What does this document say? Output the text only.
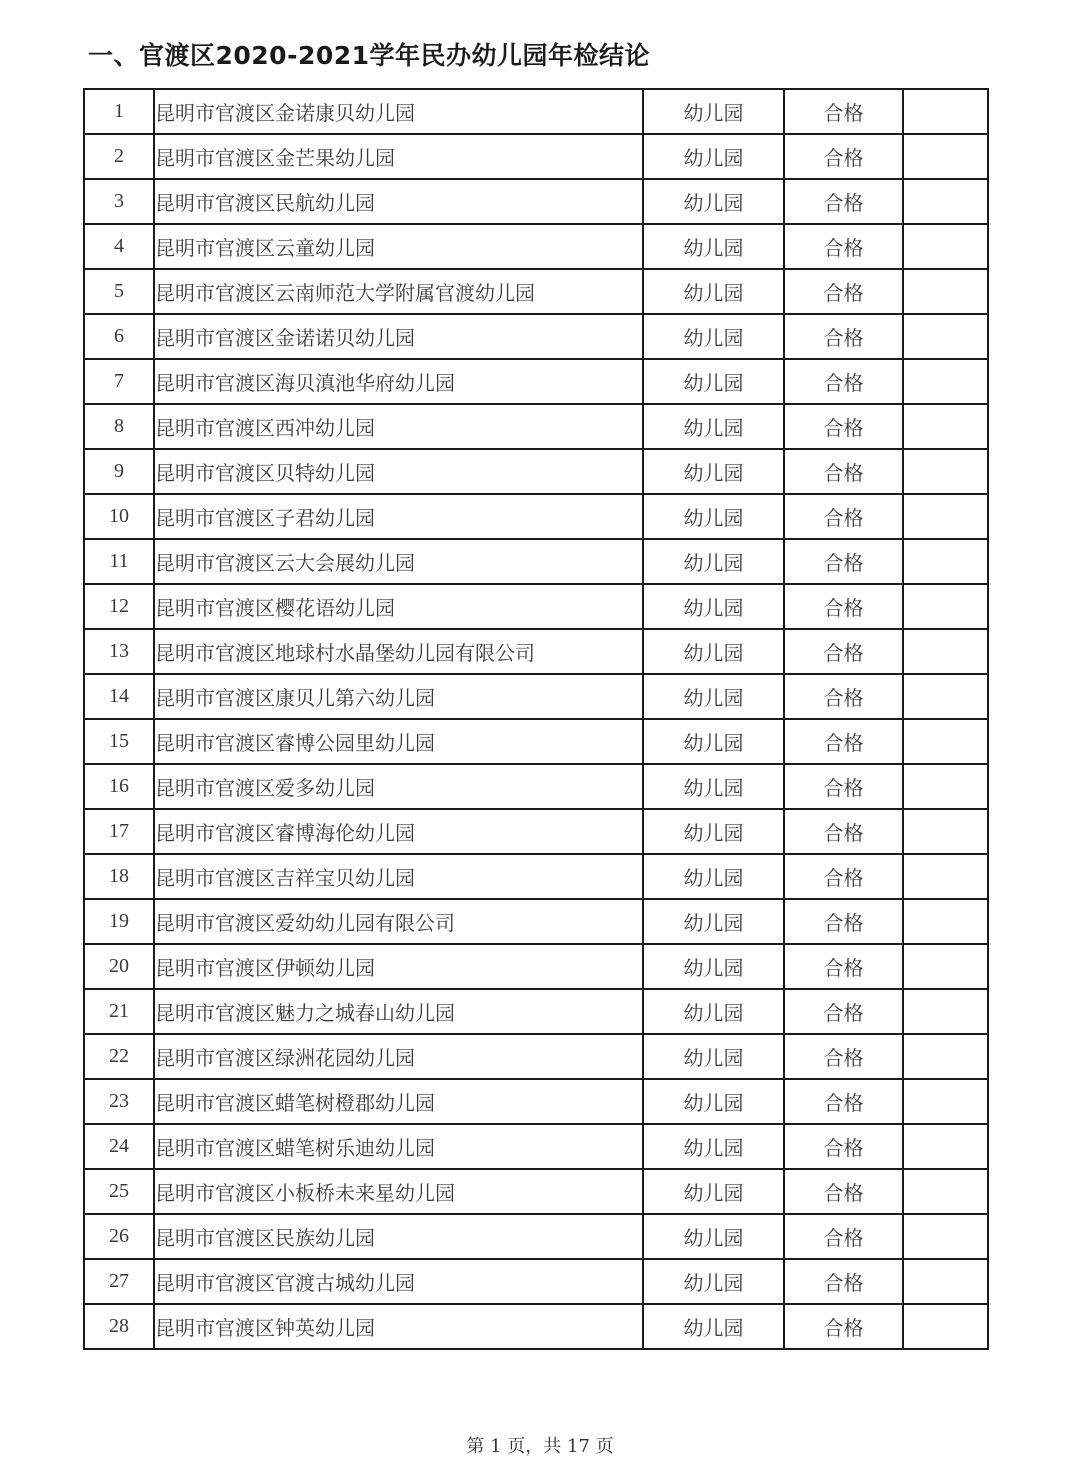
一、官渡区2020-2021学年民办幼儿园年检结论
1	昆明市官渡区金诺康贝幼儿园	幼儿园	合格	
2	昆明市官渡区金芒果幼儿园	幼儿园	合格	
3	昆明市官渡区民航幼儿园	幼儿园	合格	
4	昆明市官渡区云童幼儿园	幼儿园	合格	
5	昆明市官渡区云南师范大学附属官渡幼儿园	幼儿园	合格	
6	昆明市官渡区金诺诺贝幼儿园	幼儿园	合格	
7	昆明市官渡区海贝滇池华府幼儿园	幼儿园	合格	
8	昆明市官渡区西冲幼儿园	幼儿园	合格	
9	昆明市官渡区贝特幼儿园	幼儿园	合格	
10	昆明市官渡区子君幼儿园	幼儿园	合格	
11	昆明市官渡区云大会展幼儿园	幼儿园	合格	
12	昆明市官渡区樱花语幼儿园	幼儿园	合格	
13	昆明市官渡区地球村水晶堡幼儿园有限公司	幼儿园	合格	
14	昆明市官渡区康贝儿第六幼儿园	幼儿园	合格	
15	昆明市官渡区睿博公园里幼儿园	幼儿园	合格	
16	昆明市官渡区爱多幼儿园	幼儿园	合格	
17	昆明市官渡区睿博海伦幼儿园	幼儿园	合格	
18	昆明市官渡区吉祥宝贝幼儿园	幼儿园	合格	
19	昆明市官渡区爱幼幼儿园有限公司	幼儿园	合格	
20	昆明市官渡区伊顿幼儿园	幼儿园	合格	
21	昆明市官渡区魅力之城春山幼儿园	幼儿园	合格	
22	昆明市官渡区绿洲花园幼儿园	幼儿园	合格	
23	昆明市官渡区蜡笔树橙郡幼儿园	幼儿园	合格	
24	昆明市官渡区蜡笔树乐迪幼儿园	幼儿园	合格	
25	昆明市官渡区小板桥未来星幼儿园	幼儿园	合格	
26	昆明市官渡区民族幼儿园	幼儿园	合格	
27	昆明市官渡区官渡古城幼儿园	幼儿园	合格	
28	昆明市官渡区钟英幼儿园	幼儿园	合格	
第 1 页，共 17 页
